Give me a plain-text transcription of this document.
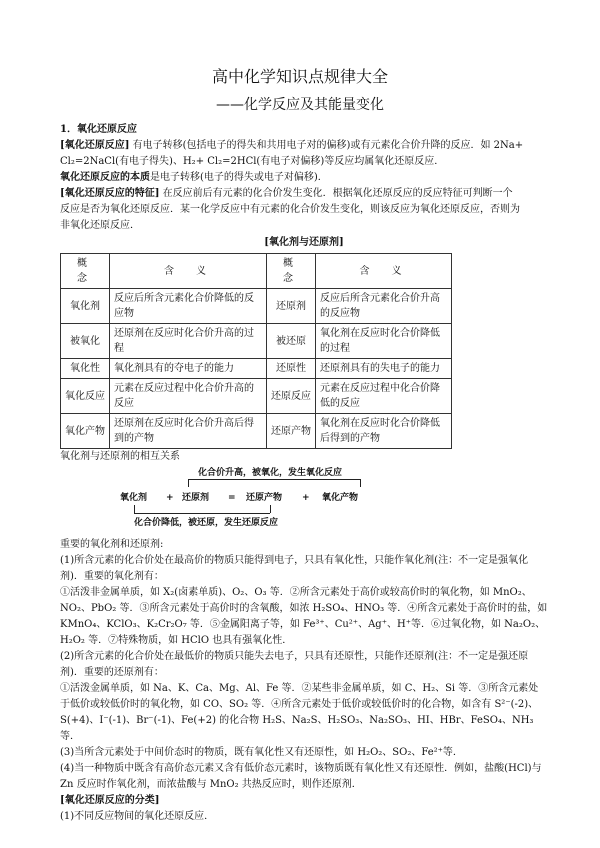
高中化学知识点规律大全
——化学反应及其能量变化

1．氧化还原反应

[氧化还原反应] 有电子转移(包括电子的得失和共用电子对的偏移)或有元素化合价升降的反应．如 2Na+
Cl₂=2NaCl(有电子得失)、H₂+ Cl₂=2HCl(有电子对偏移)等反应均属氧化还原反应．

氧化还原反应的本质是电子转移(电子的得失或电子对偏移)．

[氧化还原反应的特征] 在反应前后有元素的化合价发生变化．根据氧化还原反应的反应特征可判断一个
反应是否为氧化还原反应．某一化学反应中有元素的化合价发生变化，则该反应为氧化还原反应，否则为
非氧化还原反应．

[氧化剂与还原剂]
概　念	含　义	概　念	含　义
氧化剂	反应后所含元素化合价降低的反应物	还原剂	反应后所含元素化合价升高的反应物
被氧化	还原剂在反应时化合价升高的过程	被还原	氧化剂在反应时化合价降低的过程
氧化性	氧化剂具有的夺电子的能力	还原性	还原剂具有的失电子的能力
氧化反应	元素在反应过程中化合价升高的反应	还原反应	元素在反应过程中化合价降低的反应
氧化产物	还原剂在反应时化合价升高后得到的产物	还原产物	氧化剂在反应时化合价降低后得到的产物

氧化剂与还原剂的相互关系

化合价升高，被氧化，发生氧化反应
氧化剂 + 还原剂 = 还原产物 + 氧化产物
化合价降低，被还原，发生还原反应

重要的氧化剂和还原剂:

(1)所含元素的化合价处在最高价的物质只能得到电子，只具有氧化性，只能作氧化剂(注：不一定是强氧化剂)．重要的氧化剂有：

①活泼非金属单质，如 X₂(卤素单质)、O₂、O₃ 等．②所含元素处于高价或较高价时的氧化物，如 MnO₂、NO₂、PbO₂ 等．③所含元素处于高价时的含氧酸，如浓 H₂SO₄、HNO₃ 等．④所含元素处于高价时的盐，如 KMnO₄、KClO₃、K₂Cr₂O₇ 等．⑤金属阳离子等，如 Fe³⁺、Cu²⁺、Ag⁺、H⁺等．⑥过氧化物，如 Na₂O₂、H₂O₂ 等．⑦特殊物质，如 HClO 也具有强氧化性．

(2)所含元素的化合价处在最低价的物质只能失去电子，只具有还原性，只能作还原剂(注：不一定是强还原剂)．重要的还原剂有：

①活泼金属单质，如 Na、K、Ca、Mg、Al、Fe 等．②某些非金属单质，如 C、H₂、Si 等．③所含元素处于低价或较低价时的氧化物，如 CO、SO₂ 等．④所含元素处于低价或较低价时的化合物，如含有 S²⁻(-2)、S(+4)、I⁻(-1)、Br⁻(-1)、Fe(+2) 的化合物 H₂S、Na₂S、H₂SO₃、Na₂SO₃、HI、HBr、FeSO₄、NH₃ 等．

(3)当所含元素处于中间价态时的物质，既有氧化性又有还原性，如 H₂O₂、SO₂、Fe²⁺等．

(4)当一种物质中既含有高价态元素又含有低价态元素时，该物质既有氧化性又有还原性．例如，盐酸(HCl)与 Zn 反应时作氧化剂，而浓盐酸与 MnO₂ 共热反应时，则作还原剂．

[氧化还原反应的分类]

(1)不同反应物间的氧化还原反应．
